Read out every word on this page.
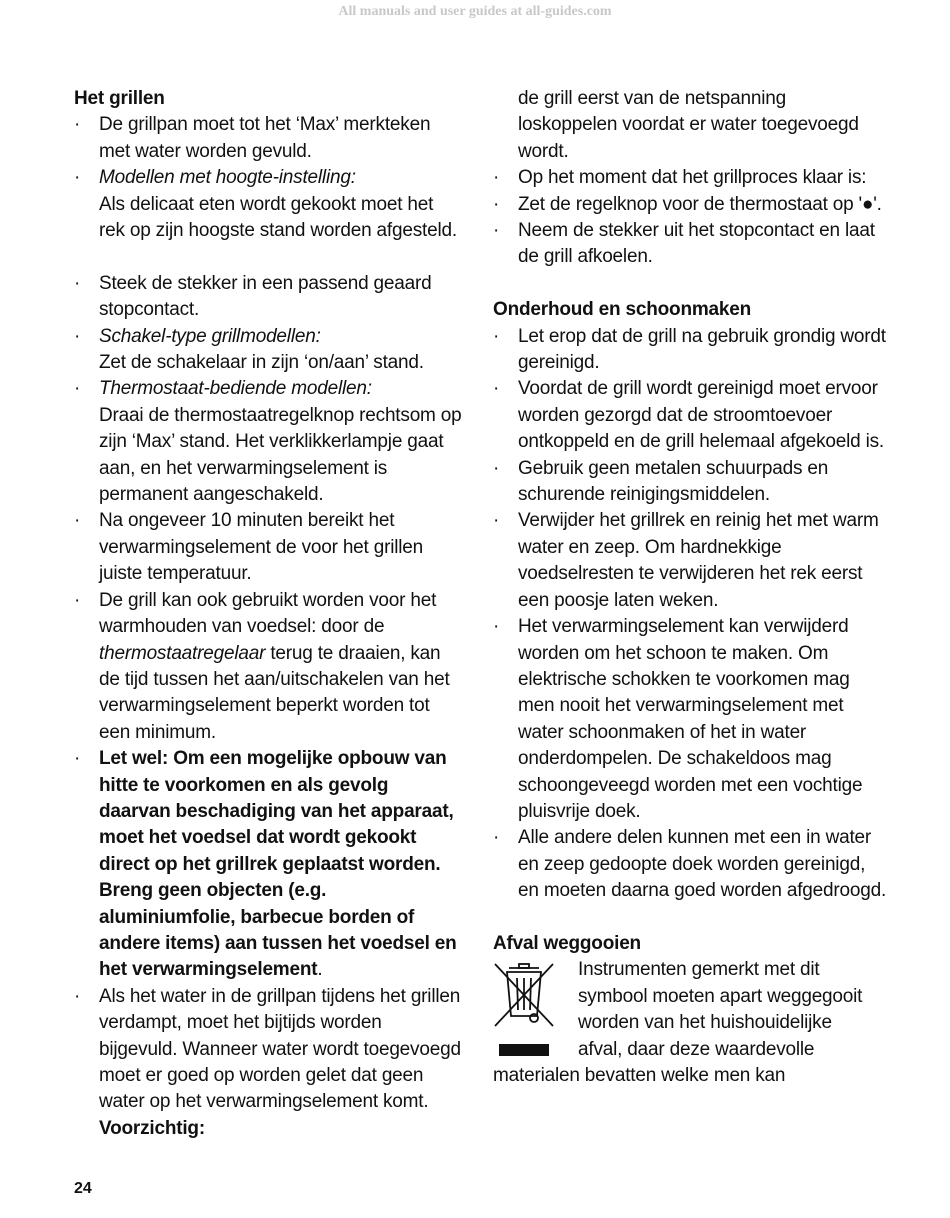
All manuals and user guides at all-guides.com
Het grillen
· De grillpan moet tot het ‘Max’ merkteken met water worden gevuld.
· Modellen met hoogte-instelling:
Als delicaat eten wordt gekookt moet het rek op zijn hoogste stand worden afgesteld.
· Steek de stekker in een passend geaard stopcontact.
· Schakel-type grillmodellen:
Zet de schakelaar in zijn ‘on/aan’ stand.
· Thermostaat-bediende modellen:
Draai de thermostaatregelknop rechtsom op zijn ‘Max’ stand. Het verklikkerlampje gaat aan, en het verwarmingselement is permanent aangeschakeld.
· Na ongeveer 10 minuten bereikt het verwarmingselement de voor het grillen juiste temperatuur.
· De grill kan ook gebruikt worden voor het warmhouden van voedsel: door de thermostaatregelaar terug te draaien, kan de tijd tussen het aan/uitschakelen van het verwarmingselement beperkt worden tot een minimum.
· Let wel: Om een mogelijke opbouw van hitte te voorkomen en als gevolg daarvan beschadiging van het apparaat, moet het voedsel dat wordt gekookt direct op het grillrek geplaatst worden. Breng geen objecten (e.g. aluminiumfolie, barbecue borden of andere items) aan tussen het voedsel en het verwarmingselement.
· Als het water in de grillpan tijdens het grillen verdampt, moet het bijtijds worden bijgevuld. Wanneer water wordt toegevoegd moet er goed op worden gelet dat geen water op het verwarmingselement komt. Voorzichtig:
de grill eerst van de netspanning loskoppelen voordat er water toegevoegd wordt.
· Op het moment dat het grillproces klaar is:
· Zet de regelknop voor de thermostaat op '●'.
· Neem de stekker uit het stopcontact en laat de grill afkoelen.
Onderhoud en schoonmaken
· Let erop dat de grill na gebruik grondig wordt gereinigd.
· Voordat de grill wordt gereinigd moet ervoor worden gezorgd dat de stroomtoevoer ontkoppeld en de grill helemaal afgekoeld is.
· Gebruik geen metalen schuurpads en schurende reinigingsmiddelen.
· Verwijder het grillrek en reinig het met warm water en zeep. Om hardnekkige voedselresten te verwijderen het rek eerst een poosje laten weken.
· Het verwarmingselement kan verwijderd worden om het schoon te maken. Om elektrische schokken te voorkomen mag men nooit het verwarmingselement met water schoonmaken of het in water onderdompelen. De schakeldoos mag schoongeveegd worden met een vochtige pluisvrije doek.
· Alle andere delen kunnen met een in water en zeep gedoopte doek worden gereinigd, en moeten daarna goed worden afgedroogd.
Afval weggooien
Instrumenten gemerkt met dit
symbool moeten apart weggegooit
worden van het huishouidelijke
afval, daar deze waardevolle
materialen bevatten welke men kan
24
